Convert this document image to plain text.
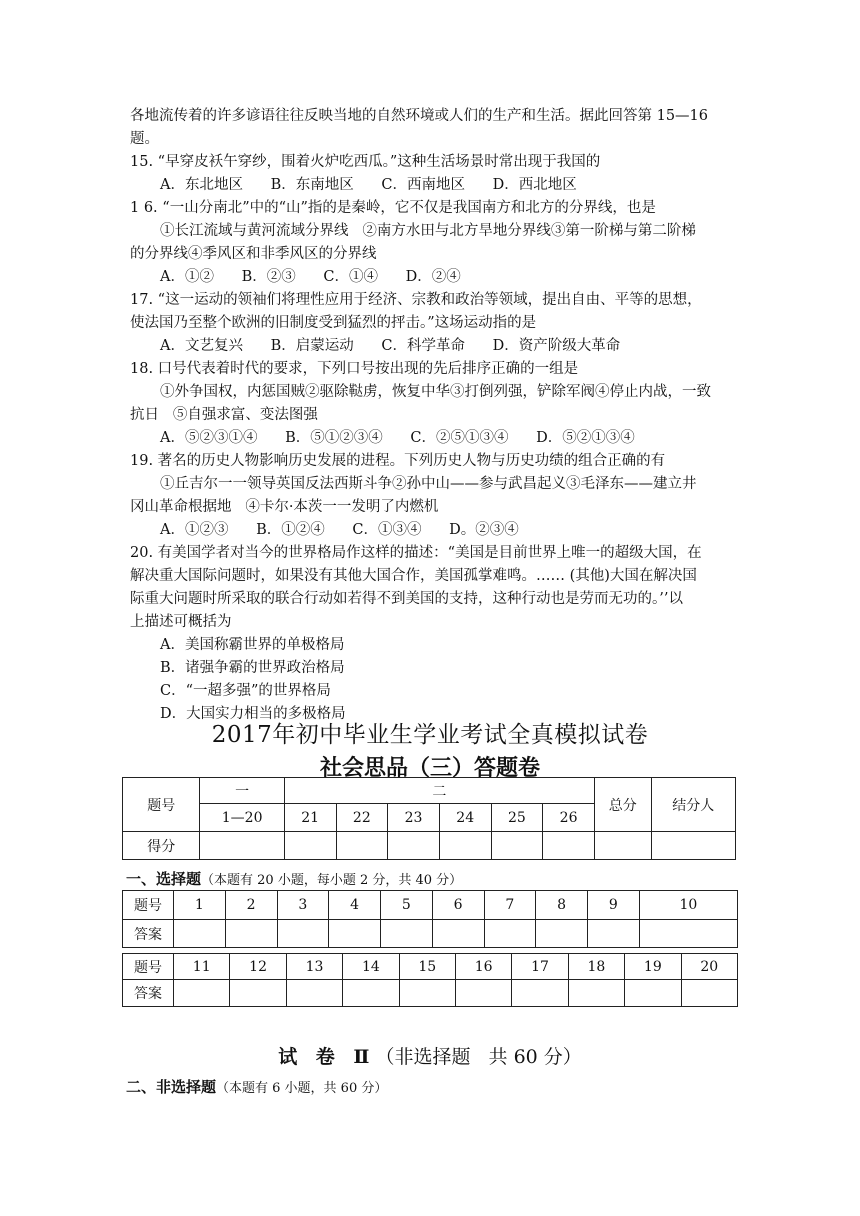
各地流传着的许多谚语往往反映当地的自然环境或人们的生产和生活。据此回答第 15—16
题。
15. “早穿皮袄午穿纱，围着火炉吃西瓜。”这种生活场景时常出现于我国的
A．东北地区      B．东南地区      C．西南地区      D．西北地区
1 6. “一山分南北”中的“山”指的是秦岭，它不仅是我国南方和北方的分界线，也是
①长江流域与黄河流域分界线   ②南方水田与北方旱地分界线③第一阶梯与第二阶梯
的分界线④季风区和非季风区的分界线
A．①②      B．②③      C．①④      D．②④
17. “这一运动的领袖们将理性应用于经济、宗教和政治等领域，提出自由、平等的思想，
使法国乃至整个欧洲的旧制度受到猛烈的抨击。”这场运动指的是
A．文艺复兴      B．启蒙运动      C．科学革命      D．资产阶级大革命
18. 口号代表着时代的要求，下列口号按出现的先后排序正确的一组是
①外争国权，内惩国贼②驱除鞑虏，恢复中华③打倒列强，铲除军阀④停止内战，一致
抗日   ⑤自强求富、变法图强
A．⑤②③①④      B．⑤①②③④      C．②⑤①③④      D．⑤②①③④
19. 著名的历史人物影响历史发展的进程。下列历史人物与历史功绩的组合正确的有
①丘吉尔一一领导英国反法西斯斗争②孙中山——参与武昌起义③毛泽东——建立井
冈山革命根据地   ④卡尔·本茨一一发明了内燃机
A．①②③      B．①②④      C．①③④      D。②③④
20. 有美国学者对当今的世界格局作这样的描述：“美国是目前世界上唯一的超级大国，在
解决重大国际问题时，如果没有其他大国合作，美国孤掌难鸣。…… (其他)大国在解决国
际重大问题时所采取的联合行动如若得不到美国的支持，这种行动也是劳而无功的。’’以
上描述可概括为
A．美国称霸世界的单极格局
B．诸强争霸的世界政治格局
C．“一超多强”的世界格局
D．大国实力相当的多极格局
2017年初中毕业生学业考试全真模拟试卷
社会思品（三）答题卷
题号	一	二						总分	结分人
	1—20	21	22	23	24	25	26		
得分									
一、选择题（本题有 20 小题，每小题 2 分，共 40 分）
题号	1	2	3	4	5	6	7	8	9	10
答案										
题号	11	12	13	14	15	16	17	18	19	20
答案										
试 卷 Ⅱ（非选择题   共 60 分）
二、非选择题（本题有 6 小题，共 60 分）
